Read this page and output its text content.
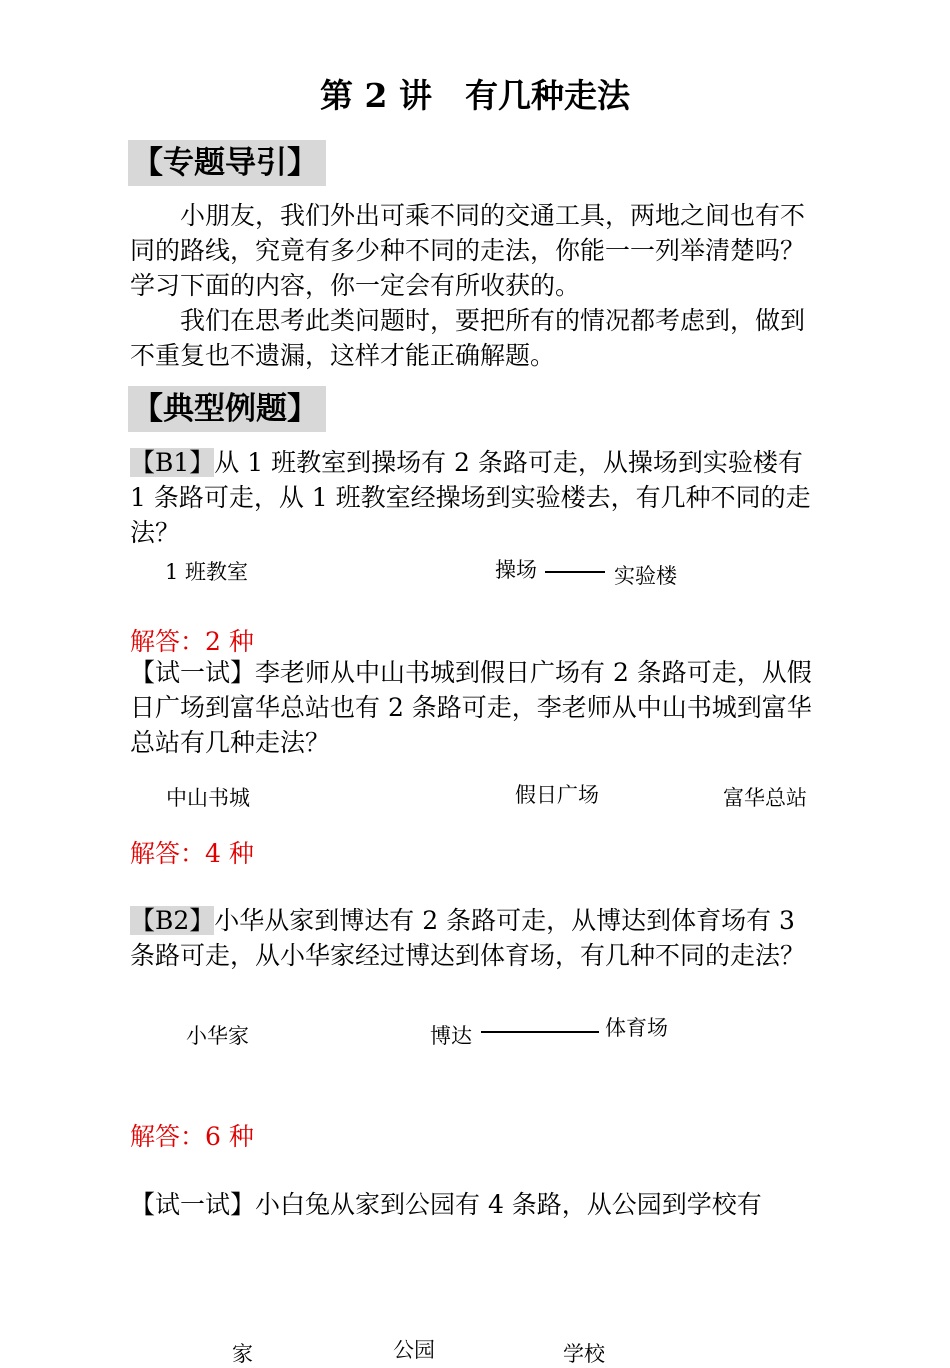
第 2 讲　有几种走法
【专题导引】
小朋友，我们外出可乘不同的交通工具，两地之间也有不同的路线，究竟有多少种不同的走法，你能一一列举清楚吗？学习下面的内容，你一定会有所收获的。
我们在思考此类问题时，要把所有的情况都考虑到，做到不重复也不遗漏，这样才能正确解题。
【典型例题】
【B1】从 1 班教室到操场有 2 条路可走，从操场到实验楼有 1 条路可走，从 1 班教室经操场到实验楼去，有几种不同的走法？
1 班教室	操场	实验楼
解答：2 种
【试一试】李老师从中山书城到假日广场有 2 条路可走，从假日广场到富华总站也有 2 条路可走，李老师从中山书城到富华总站有几种走法？
中山书城	假日广场	富华总站
解答：4 种
【B2】小华从家到博达有 2 条路可走，从博达到体育场有 3 条路可走，从小华家经过博达到体育场，有几种不同的走法？
小华家	博达	体育场
解答：6 种
【试一试】小白兔从家到公园有 4 条路，从公园到学校有
家	公园	学校
